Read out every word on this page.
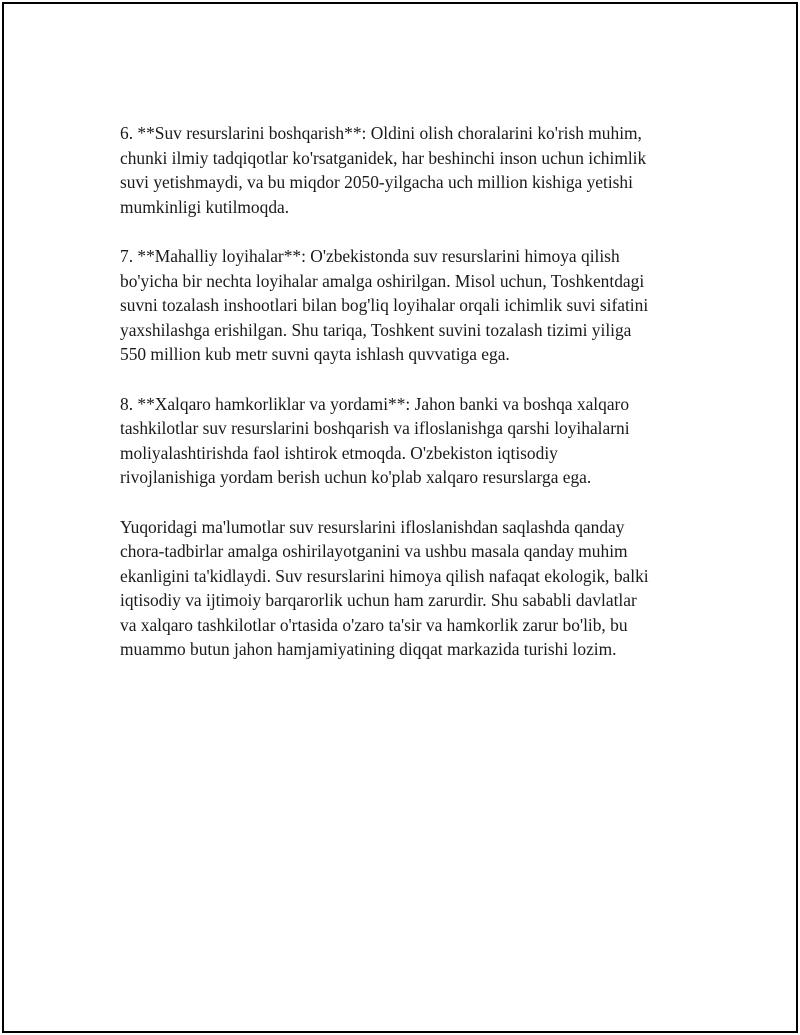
6. **Suv resurslarini boshqarish**: Oldini olish choralarini ko'rish muhim,
chunki ilmiy tadqiqotlar ko'rsatganidek, har beshinchi inson uchun ichimlik
suvi yetishmaydi, va bu miqdor 2050-yilgacha uch million kishiga yetishi
mumkinligi kutilmoqda.

7. **Mahalliy loyihalar**: O'zbekistonda suv resurslarini himoya qilish
bo'yicha bir nechta loyihalar amalga oshirilgan. Misol uchun, Toshkentdagi
suvni tozalash inshootlari bilan bog'liq loyihalar orqali ichimlik suvi sifatini
yaxshilashga erishilgan. Shu tariqa, Toshkent suvini tozalash tizimi yiliga
550 million kub metr suvni qayta ishlash quvvatiga ega.

8. **Xalqaro hamkorliklar va yordami**: Jahon banki va boshqa xalqaro
tashkilotlar suv resurslarini boshqarish va ifloslanishga qarshi loyihalarni
moliyalashtirishda faol ishtirok etmoqda. O'zbekiston iqtisodiy
rivojlanishiga yordam berish uchun ko'plab xalqaro resurslarga ega.

Yuqoridagi ma'lumotlar suv resurslarini ifloslanishdan saqlashda qanday
chora-tadbirlar amalga oshirilayotganini va ushbu masala qanday muhim
ekanligini ta'kidlaydi. Suv resurslarini himoya qilish nafaqat ekologik, balki
iqtisodiy va ijtimoiy barqarorlik uchun ham zarurdir. Shu sababli davlatlar
va xalqaro tashkilotlar o'rtasida o'zaro ta'sir va hamkorlik zarur bo'lib, bu
muammo butun jahon hamjamiyatining diqqat markazida turishi lozim.
